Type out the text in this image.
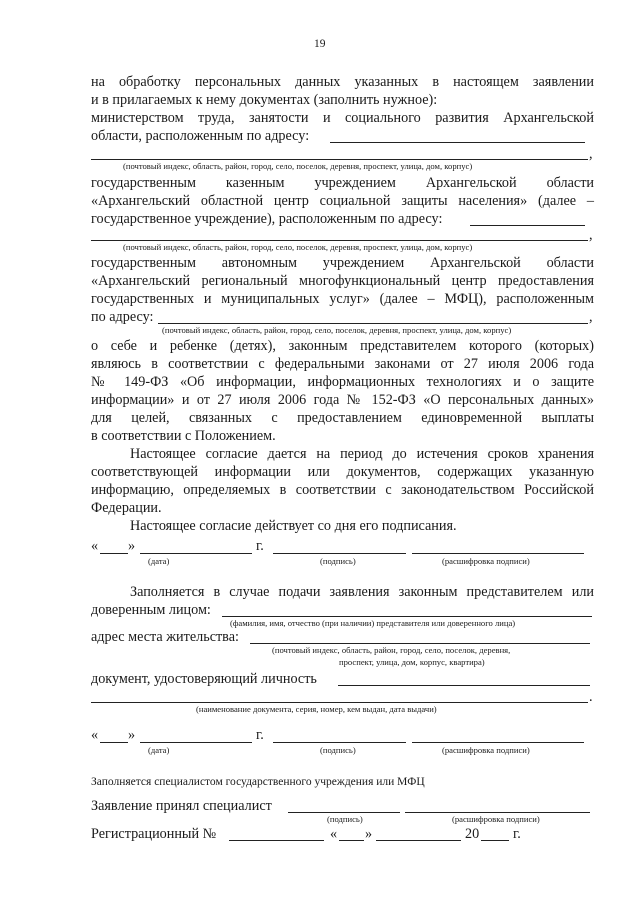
19
на обработку персональных данных указанных в настоящем заявлении
и в прилагаемых к нему документах (заполнить нужное):
министерством труда, занятости и социального развития Архангельской
области, расположенным по адресу:
,
(почтовый индекс, область, район, город, село, поселок, деревня, проспект, улица, дом, корпус)
государственным казенным учреждением Архангельской области
«Архангельский областной центр социальной защиты населения» (далее –
государственное учреждение), расположенным по адресу:
,
(почтовый индекс, область, район, город, село, поселок, деревня, проспект, улица, дом, корпус)
государственным автономным учреждением Архангельской области
«Архангельский региональный многофункциональный центр предоставления
государственных и муниципальных услуг» (далее – МФЦ), расположенным
по адресу:	,
(почтовый индекс, область, район, город, село, поселок, деревня, проспект, улица, дом, корпус)
о себе и ребенке (детях), законным представителем которого (которых)
являюсь в соответствии с федеральными законами от 27 июля 2006 года
№ 149-ФЗ «Об информации, информационных технологиях и о защите
информации» и от 27 июля 2006 года № 152-ФЗ «О персональных данных»
для целей, связанных с предоставлением единовременной выплаты
в соответствии с Положением.
Настоящее согласие дается на период до истечения сроков хранения
соответствующей информации или документов, содержащих указанную
информацию, определяемых в соответствии с законодательством Российской
Федерации.
Настоящее согласие действует со дня его подписания.
« »	г.
(дата)	(подпись)	(расшифровка подписи)
Заполняется в случае подачи заявления законным представителем или
доверенным лицом:
(фамилия, имя, отчество (при наличии) представителя или доверенного лица)
адрес места жительства:
(почтовый индекс, область, район, город, село, поселок, деревня,
проспект, улица, дом, корпус, квартира)
документ, удостоверяющий личность
.
(наименование документа, серия, номер, кем выдан, дата выдачи)
« »	г.
(дата)	(подпись)	(расшифровка подписи)
Заполняется специалистом государственного учреждения или МФЦ
Заявление принял специалист
(подпись)	(расшифровка подписи)
Регистрационный №	« »	20 г.
